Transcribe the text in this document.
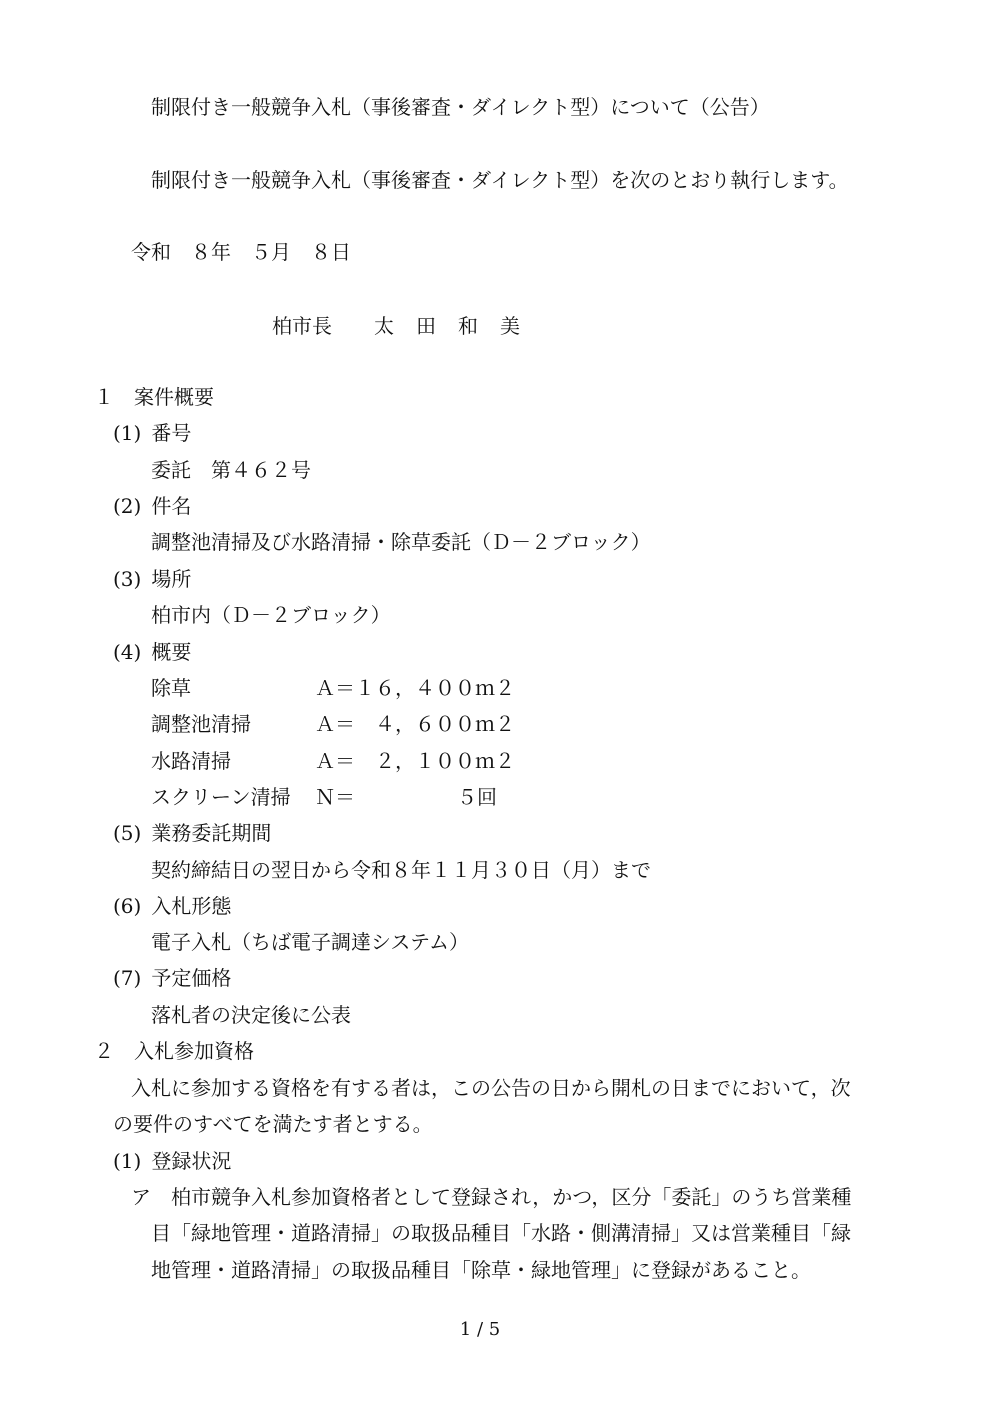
制限付き一般競争入札（事後審査・ダイレクト型）について（公告）
制限付き一般競争入札（事後審査・ダイレクト型）を次のとおり執行します。
令和　８年　５月　８日
柏市長 太 田 和 美
１　案件概要
(1) 番号
委託　第４６２号
(2) 件名
調整池清掃及び水路清掃・除草委託（Ｄ－２ブロック）
(3) 場所
柏市内（Ｄ－２ブロック）
(4) 概要
除草	Ａ＝１６，４００ｍ２
調整池清掃	Ａ＝　４，６００ｍ２
水路清掃	Ａ＝　２，１００ｍ２
スクリーン清掃 Ｎ＝	５回
(5) 業務委託期間
契約締結日の翌日から令和８年１１月３０日（月）まで
(6) 入札形態
電子入札（ちば電子調達システム）
(7) 予定価格
落札者の決定後に公表
２　入札参加資格
入札に参加する資格を有する者は，この公告の日から開札の日までにおいて，次
の要件のすべてを満たす者とする。
(1) 登録状況
ア 柏市競争入札参加資格者として登録され，かつ，区分「委託」のうち営業種
目「緑地管理・道路清掃」の取扱品種目「水路・側溝清掃」又は営業種目「緑
地管理・道路清掃」の取扱品種目「除草・緑地管理」に登録があること。
1 / 5
